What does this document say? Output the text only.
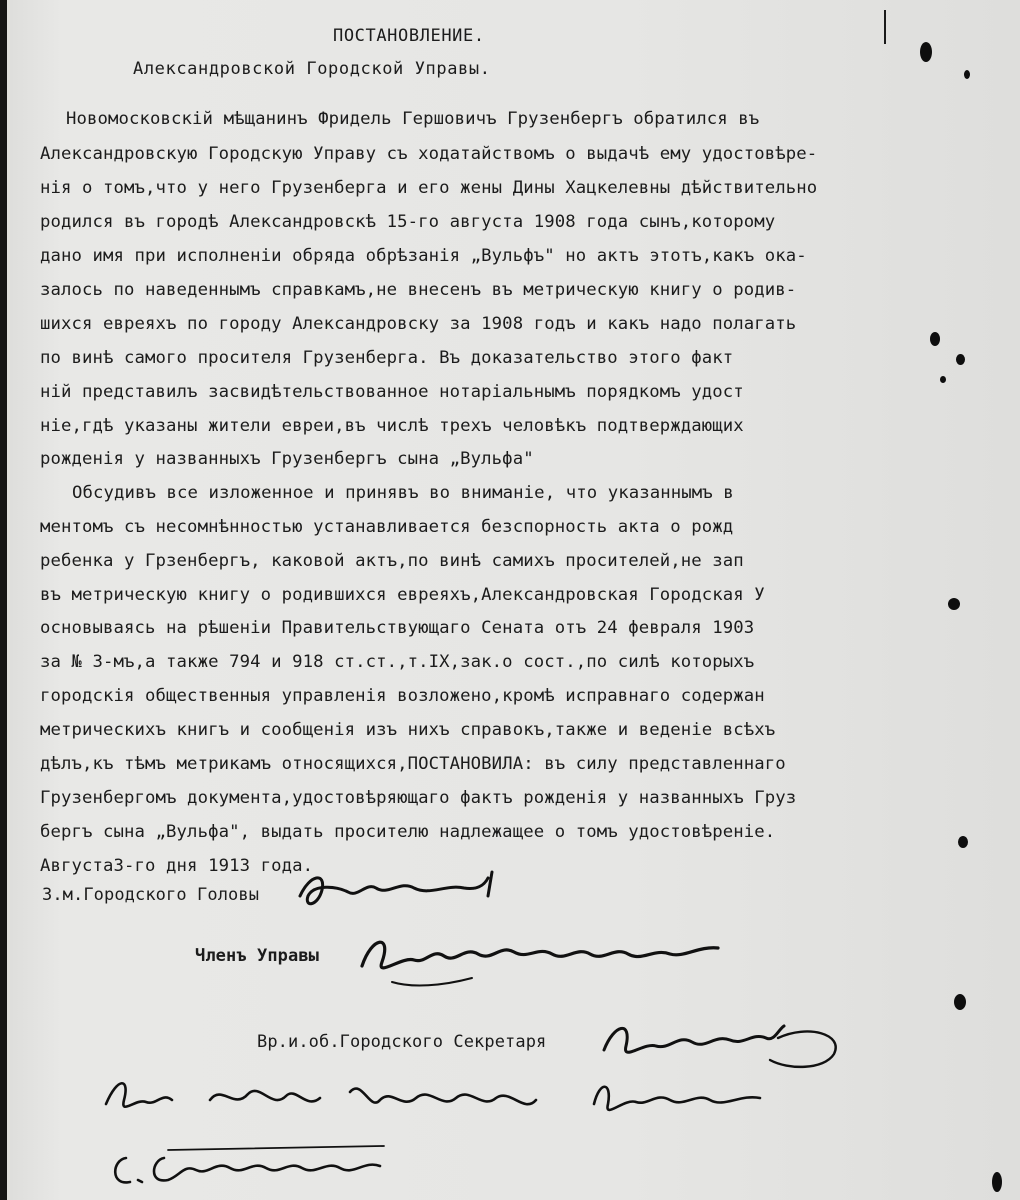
ПОСТАНОВЛЕНИЕ.
Александровской Городской Управы.
Новомосковскій мѣщанинъ Фридель Гершовичъ Грузенбергъ обратился въ
Александровскую Городскую Управу съ ходатайствомъ о выдачѣ ему удостовѣре-
нія о томъ,что у него Грузенберга и его жены Дины Хацкелевны дѣйствительно
родился въ городѣ Александровскѣ 15-го августа 1908 года сынъ,которому
дано имя при исполненіи обряда обрѣзанія „Вульфъ" но актъ этотъ,какъ ока-
залось по наведеннымъ справкамъ,не внесенъ въ метрическую книгу о родив-
шихся евреяхъ по городу Александровску за 1908 годъ и какъ надо полагать
по винѣ самого просителя Грузенберга. Въ доказательство этого факт
ній представилъ засвидѣтельствованное нотаріальнымъ порядкомъ удост
ніе,гдѣ указаны жители евреи,въ числѣ трехъ человѣкъ подтверждающих
рожденія у названныхъ Грузенбергъ сына „Вульфа"
Обсудивъ все изложенное и принявъ во вниманіе, что указаннымъ в
ментомъ съ несомнѣнностью устанавливается безспорность акта о рожд
ребенка у Грзенбергъ, каковой актъ,по винѣ самихъ просителей,не зап
въ метрическую книгу о родившихся евреяхъ,Александровская Городская У
основываясь на рѣшеніи Правительствующаго Сената отъ 24 февраля 1903
за № 3-мъ,а также 794 и 918 ст.ст.,т.IX,зак.о сост.,по силѣ которыхъ
городскія общественныя управленія возложено,кромѣ исправнаго содержан
метрическихъ книгъ и сообщенія изъ нихъ справокъ,также и веденіе всѣхъ
дѣлъ,къ тѣмъ метрикамъ относящихся,ПОСТАНОВИЛА: въ силу представленнаго
Грузенбергомъ документа,удостовѣряющаго фактъ рожденія у названныхъ Груз
бергъ сына „Вульфа", выдать просителю надлежащее о томъ удостовѣреніе.
Августа3-го дня 1913 года.
З.м.Городского Головы
Членъ Управы
Вр.и.об.Городского Секретаря
